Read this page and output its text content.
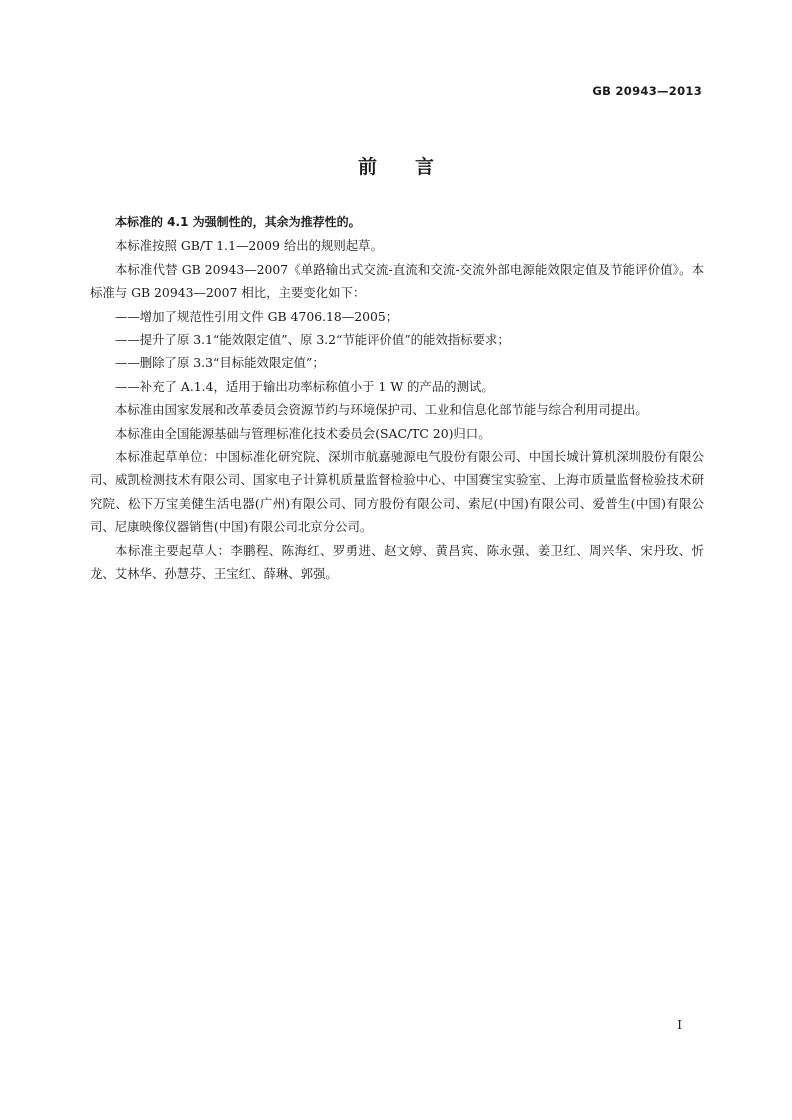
GB 20943—2013
前言

本标准的 4.1 为强制性的，其余为推荐性的。

本标准按照 GB/T 1.1—2009 给出的规则起草。

本标准代替 GB 20943—2007《单路输出式交流-直流和交流-交流外部电源能效限定值及节能评价值》。本标准与 GB 20943—2007 相比，主要变化如下：

——增加了规范性引用文件 GB 4706.18—2005；

——提升了原 3.1“能效限定值”、原 3.2“节能评价值”的能效指标要求；

——删除了原 3.3“目标能效限定值”；

——补充了 A.1.4，适用于输出功率标称值小于 1 W 的产品的测试。

本标准由国家发展和改革委员会资源节约与环境保护司、工业和信息化部节能与综合利用司提出。

本标准由全国能源基础与管理标准化技术委员会(SAC/TC 20)归口。

本标准起草单位：中国标准化研究院、深圳市航嘉驰源电气股份有限公司、中国长城计算机深圳股份有限公司、威凯检测技术有限公司、国家电子计算机质量监督检验中心、中国赛宝实验室、上海市质量监督检验技术研究院、松下万宝美健生活电器(广州)有限公司、同方股份有限公司、索尼(中国)有限公司、爱普生(中国)有限公司、尼康映像仪器销售(中国)有限公司北京分公司。

本标准主要起草人：李鹏程、陈海红、罗勇进、赵文婷、黄昌宾、陈永强、姜卫红、周兴华、宋丹玫、忻龙、艾林华、孙慧芬、王宝红、薛琳、郭强。

I
